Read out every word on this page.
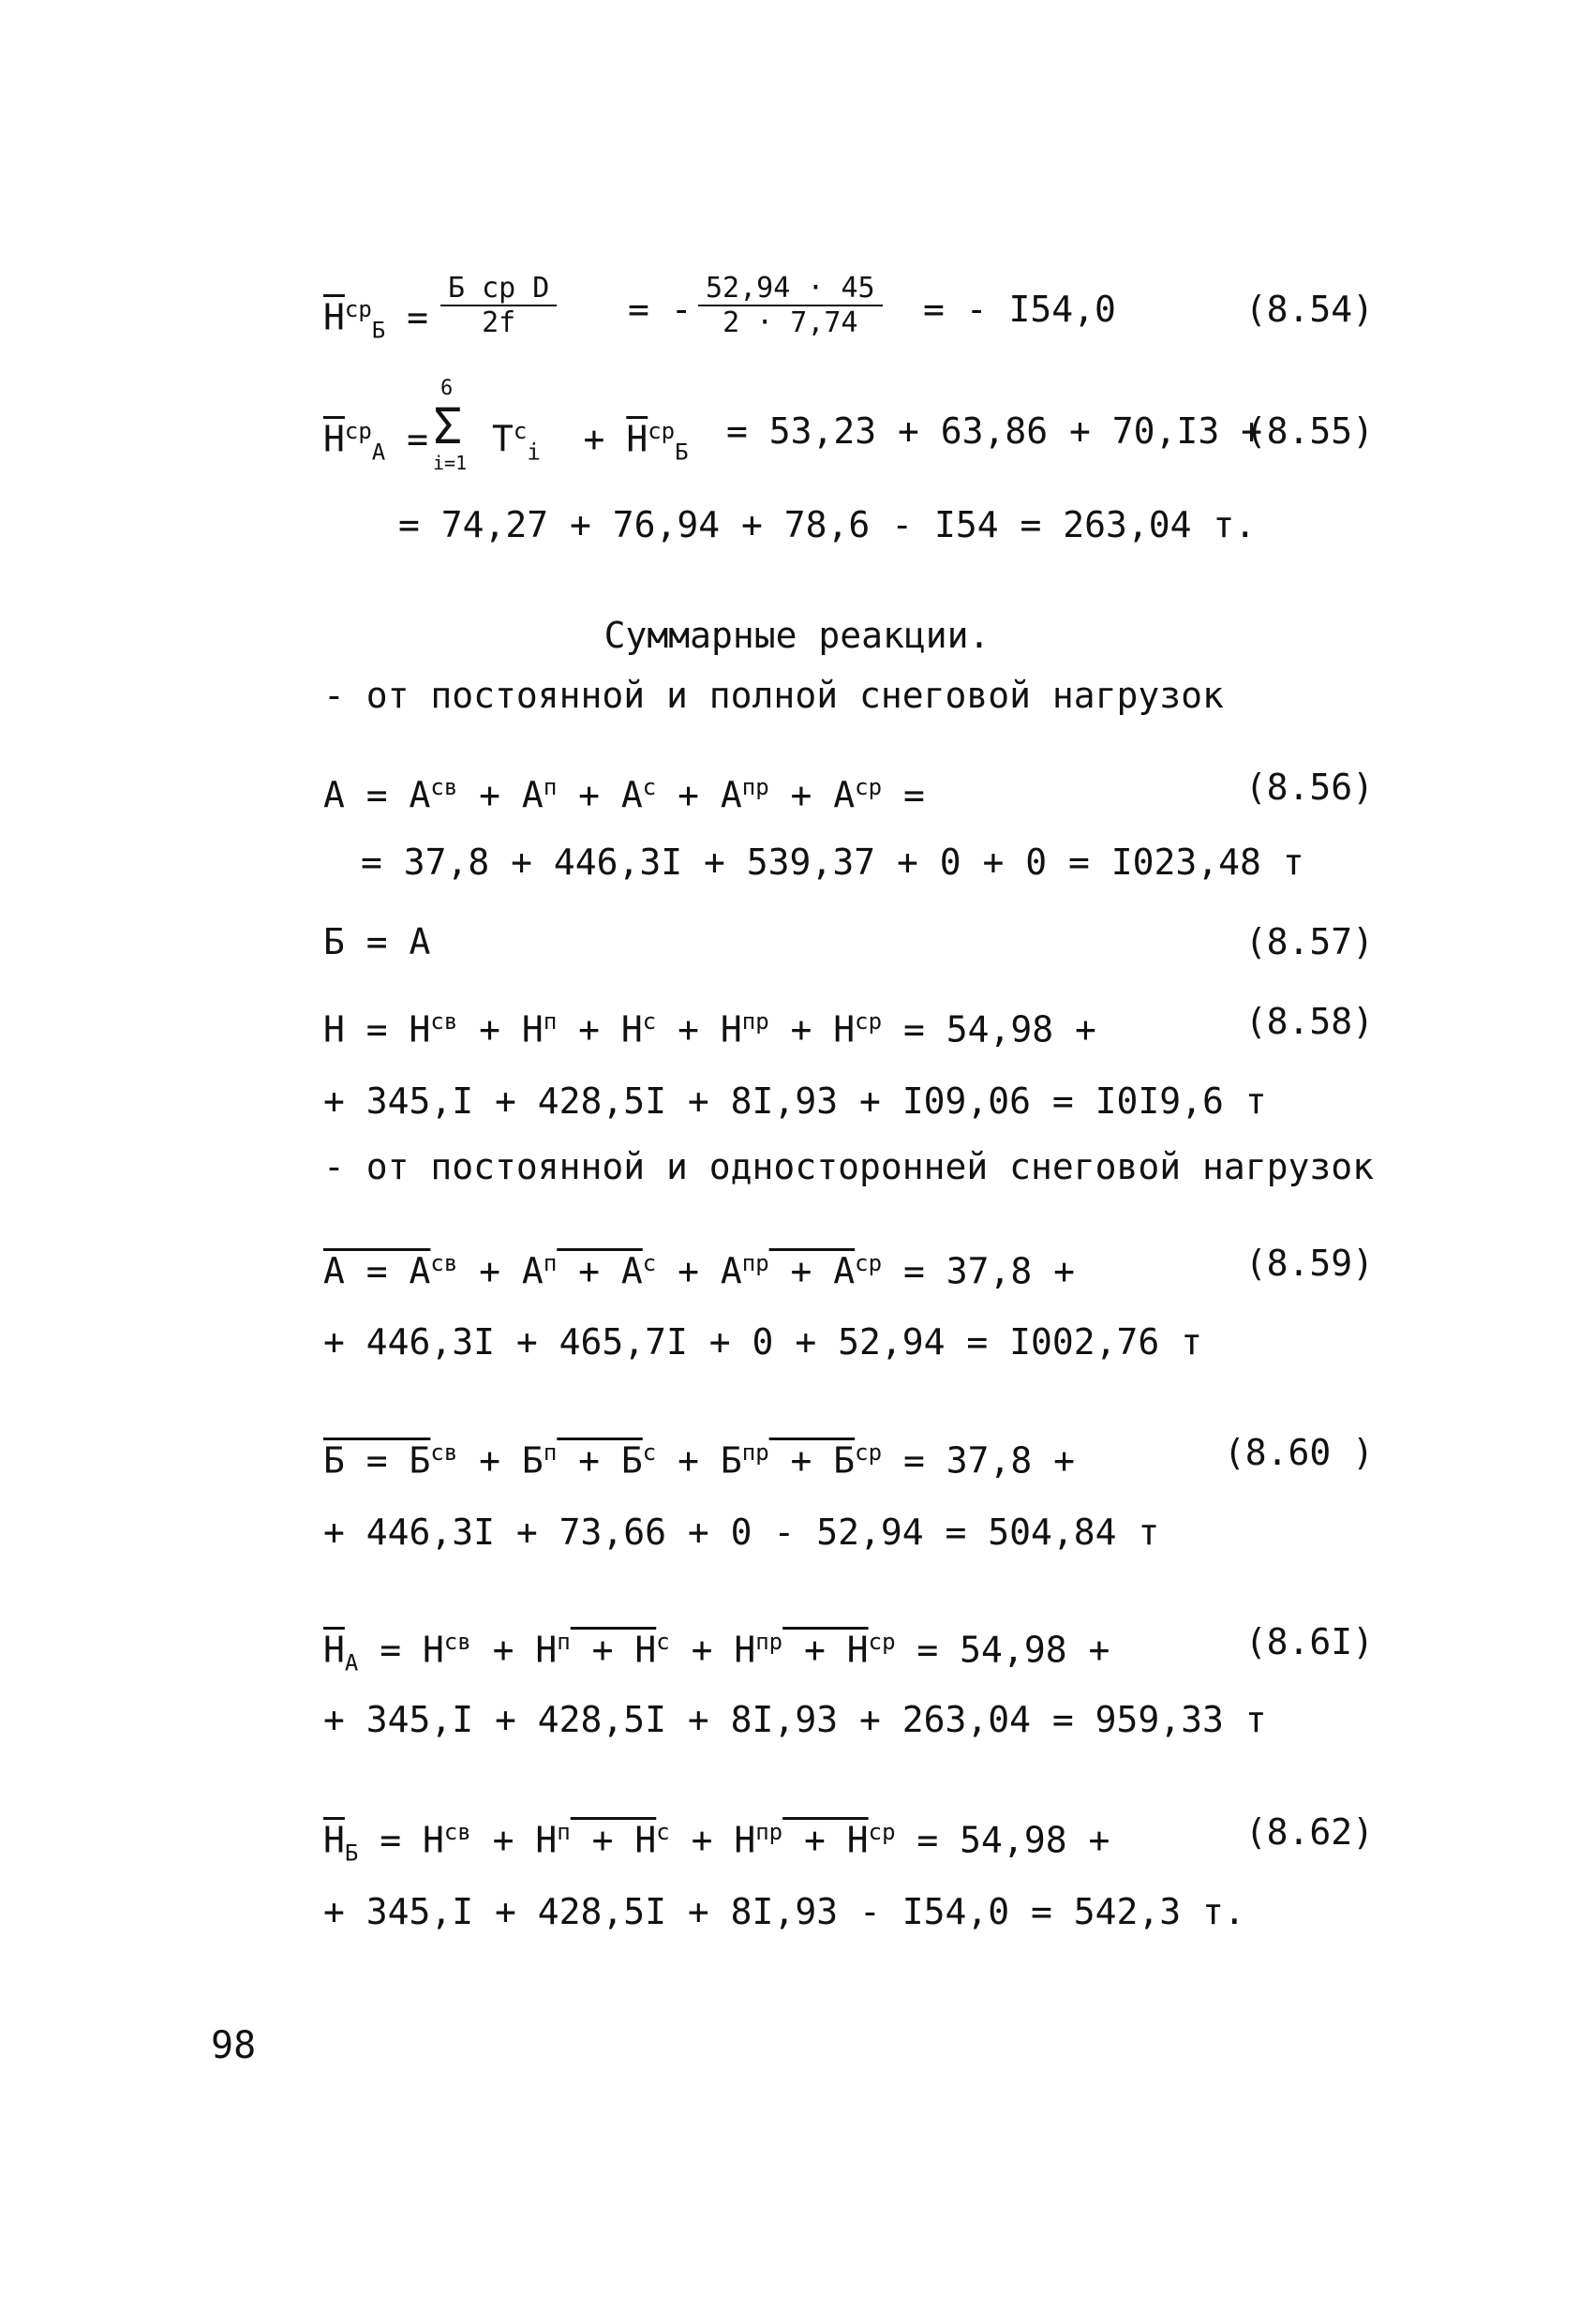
$\overline{H}^{ср}_Б$ =
Б ср D
2f	= - $\frac{52,94 \cdot 45}{2 \cdot 7,74}$ = - I54,0	(8.54)
$\overline{H}^{ср}_А$ =
6
Σ
i=1
$T^c_i + \overline{H}^{ср}_Б$
= 53,23 + 63,86 + 70,I3 +
(8.55)
= 74,27 + 76,94 + 78,6 - I54 = 263,04 т.
Суммарные реакции.
- от постоянной и полной снеговой нагрузок
$А = А^{св} + А^п + А^с + А^{пр} + А^{ср}$ =	(8.56)
= 37,8 + 446,3I + 539,37 + 0 + 0 = I023,48 т
Б = А	(8.57)
$Н = Н^{св} + Н^п + Н^с + Н^{пр} + Н^{ср} = 54,98$ +	(8.58)
+ 345,I + 428,5I + 8I,93 + I09,06 = I0I9,6 т
- от постоянной и односторонней снеговой нагрузок
$А = А^{св} + А^п + А^с + А^{пр} + А^{ср} = 37,8$ +	(8.59)
+ 446,3I + 465,7I + 0 + 52,94 = I002,76 т
$Б = Б^{св} + Б^п + Б^с + Б^{пр} + Б^{ср} = 37,8$ +	(8.60 )
+ 446,3I + 73,66 + 0 - 52,94 = 504,84 т
$Н_А = Н^{св} + Н^п + Н^с + Н^{пр} + Н^{ср} = 54,98$ +	(8.6I)
+ 345,I + 428,5I + 8I,93 + 263,04 = 959,33 т
$Н_Б = Н^{св} + Н^п + Н^с + Н^{пр} + Н^{ср} = 54,98$ +	(8.62)
+ 345,I + 428,5I + 8I,93 - I54,0 = 542,3 т.
98
